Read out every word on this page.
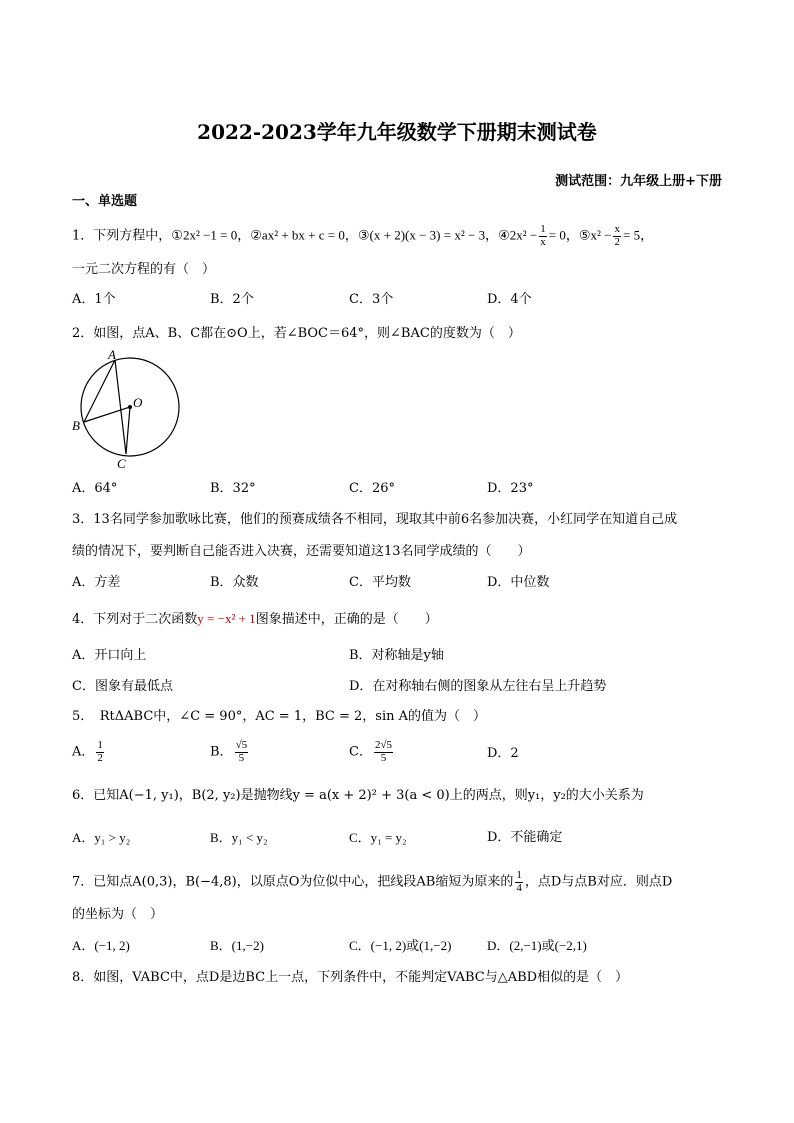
2022-2023学年九年级数学下册期末测试卷
测试范围：九年级上册+下册
一、单选题
1．下列方程中，①2x² −1 = 0，②ax² + bx + c = 0，③(x + 2)(x − 3) = x² − 3，④2x² − $\frac{1}{x} = 0$，⑤x² − $\frac{x}{2} = 5$，
一元二次方程的有（　）
A．1个	B．2个	C．3个	D．4个
2．如图，点A、B、C都在⊙O上，若∠BOC＝64°，则∠BAC的度数为（　）
A
O
B
C
A．64°	B．32°	C．26°	D．23°
3．13名同学参加歌咏比赛，他们的预赛成绩各不相同，现取其中前6名参加决赛，小红同学在知道自己成
绩的情况下，要判断自己能否进入决赛，还需要知道这13名同学成绩的（　　）
A．方差	B．众数	C．平均数	D．中位数
4．下列对于二次函数y = −x² + 1图象描述中，正确的是（　　）
A．开口向上	B．对称轴是y轴
C．图象有最低点	D．在对称轴右侧的图象从左往右呈上升趋势
5．　RtΔABC中，∠C = 90°，AC = 1，BC = 2，sin A的值为（　）
A． $\frac{1}{2}$	B． $\frac{√5}{5}$	C． $\frac{2√5}{5}$	D．2
6．已知A(−1, y₁)，B(2, y₂)是抛物线y = a(x + 2)² + 3(a < 0)上的两点，则y₁，y₂的大小关系为
A．y₁ > y₂	B．y₁ < y₂	C．y₁ = y₂	D．不能确定
7．已知点A(0,3)，B(−4,8)，以原点O为位似中心，把线段AB缩短为原来的 $\frac{1}{4}$ ，点D与点B对应．则点D
的坐标为（　）
A．(−1, 2)	B．(1,−2)	C．(−1, 2)或(1,−2)	D．(2,−1)或(−2,1)
8．如图，VABC中，点D是边BC上一点，下列条件中，不能判定VABC与△ABD相似的是（　）
